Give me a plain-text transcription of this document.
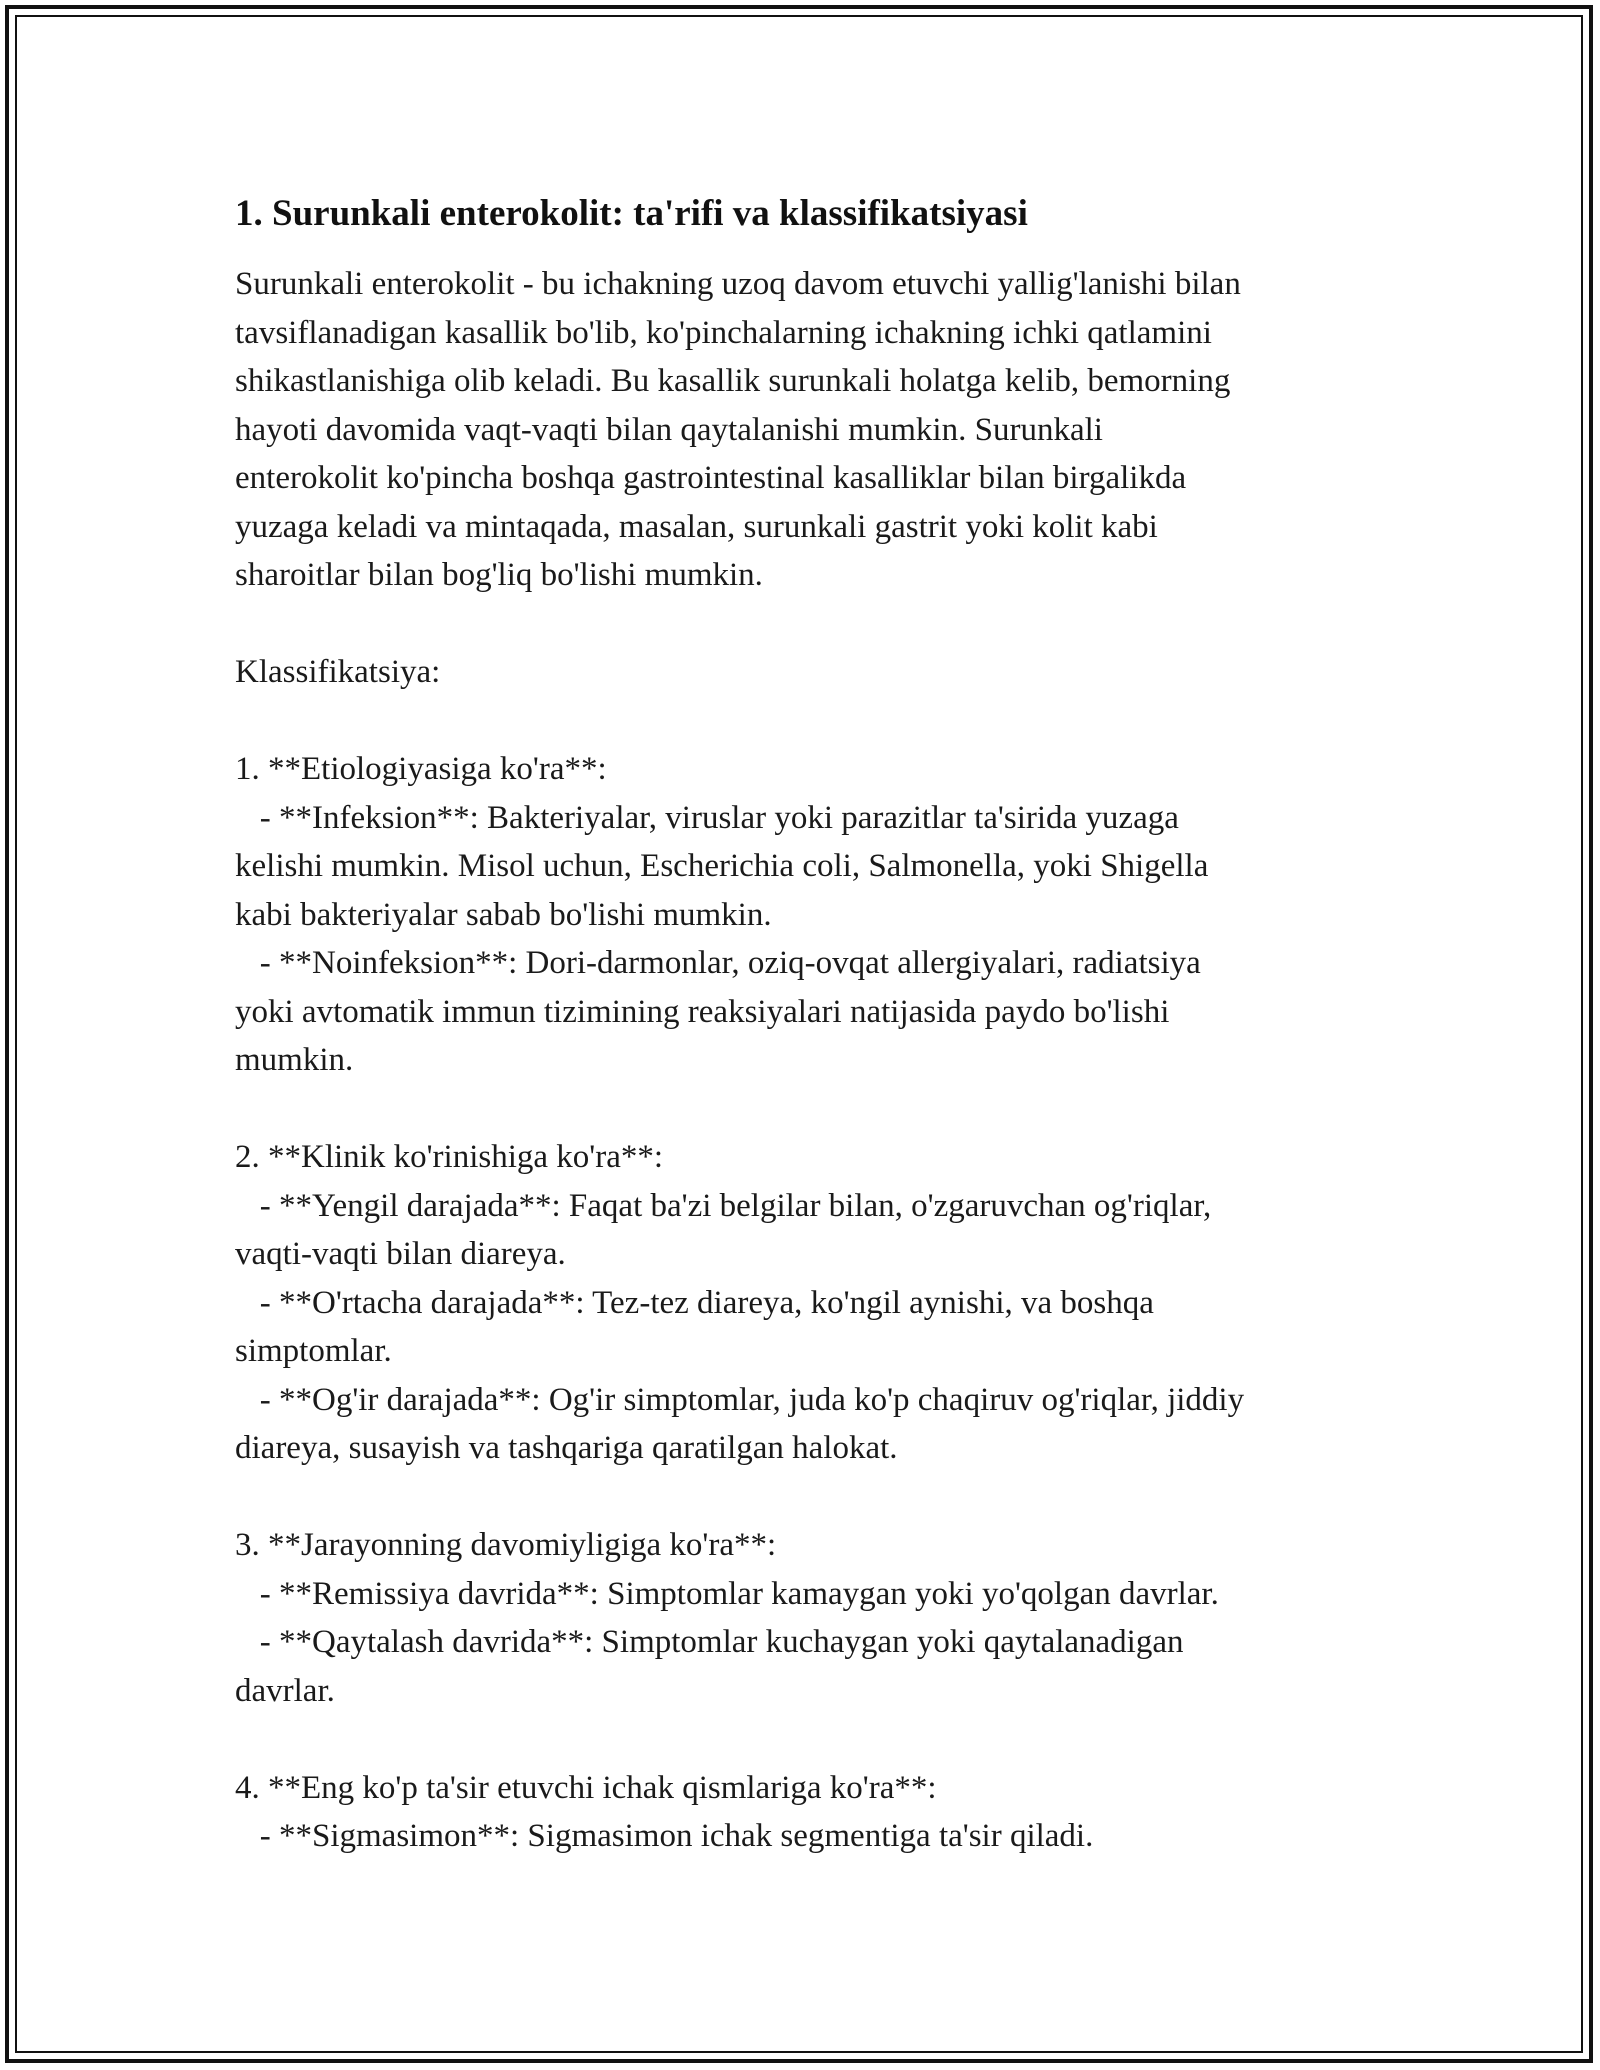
1. Surunkali enterokolit: ta'rifi va klassifikatsiyasi
Surunkali enterokolit - bu ichakning uzoq davom etuvchi yallig'lanishi bilan
tavsiflanadigan kasallik bo'lib, ko'pinchalarning ichakning ichki qatlamini
shikastlanishiga olib keladi. Bu kasallik surunkali holatga kelib, bemorning
hayoti davomida vaqt-vaqti bilan qaytalanishi mumkin. Surunkali
enterokolit ko'pincha boshqa gastrointestinal kasalliklar bilan birgalikda
yuzaga keladi va mintaqada, masalan, surunkali gastrit yoki kolit kabi
sharoitlar bilan bog'liq bo'lishi mumkin.
Klassifikatsiya:
1. **Etiologiyasiga ko'ra**:
- **Infeksion**: Bakteriyalar, viruslar yoki parazitlar ta'sirida yuzaga
kelishi mumkin. Misol uchun, Escherichia coli, Salmonella, yoki Shigella
kabi bakteriyalar sabab bo'lishi mumkin.
- **Noinfeksion**: Dori-darmonlar, oziq-ovqat allergiyalari, radiatsiya
yoki avtomatik immun tizimining reaksiyalari natijasida paydo bo'lishi
mumkin.
2. **Klinik ko'rinishiga ko'ra**:
- **Yengil darajada**: Faqat ba'zi belgilar bilan, o'zgaruvchan og'riqlar,
vaqti-vaqti bilan diareya.
- **O'rtacha darajada**: Tez-tez diareya, ko'ngil aynishi, va boshqa
simptomlar.
- **Og'ir darajada**: Og'ir simptomlar, juda ko'p chaqiruv og'riqlar, jiddiy
diareya, susayish va tashqariga qaratilgan halokat.
3. **Jarayonning davomiyligiga ko'ra**:
- **Remissiya davrida**: Simptomlar kamaygan yoki yo'qolgan davrlar.
- **Qaytalash davrida**: Simptomlar kuchaygan yoki qaytalanadigan
davrlar.
4. **Eng ko'p ta'sir etuvchi ichak qismlariga ko'ra**:
- **Sigmasimon**: Sigmasimon ichak segmentiga ta'sir qiladi.
